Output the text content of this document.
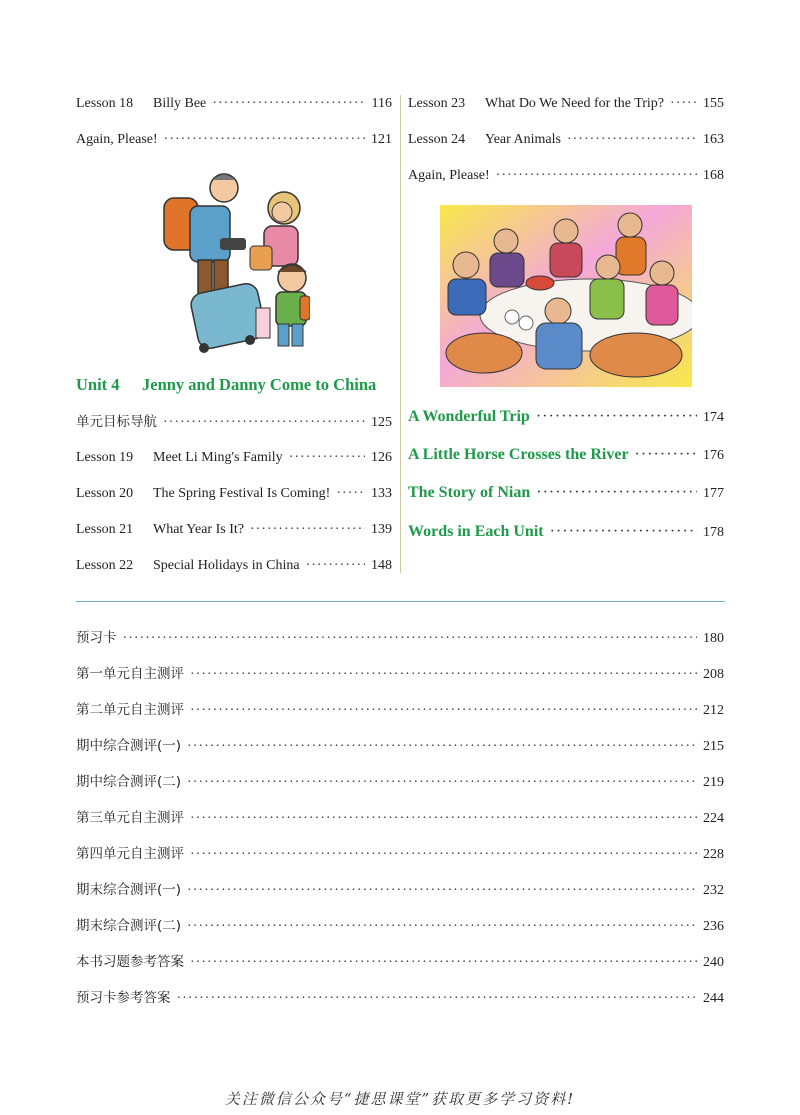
Lesson 18 Billy Bee ·····	116
Again, Please! ·····	121
Unit 4 Jenny and Danny Come to China
单元目标导航 ·····	125
Lesson 19 Meet Li Ming's Family ·····	126
Lesson 20 The Spring Festival Is Coming! ·····	133
Lesson 21 What Year Is It? ·····	139
Lesson 22 Special Holidays in China ·····	148
Lesson 23 What Do We Need for the Trip? ·····	155
Lesson 24 Year Animals ·····	163
Again, Please! ·····	168
A Wonderful Trip ·····	174
A Little Horse Crosses the River ·····	176
The Story of Nian ·····	177
Words in Each Unit ·····	178
预习卡 ·····	180
第一单元自主测评 ·····	208
第二单元自主测评 ·····	212
期中综合测评(一) ·····	215
期中综合测评(二) ·····	219
第三单元自主测评 ·····	224
第四单元自主测评 ·····	228
期末综合测评(一) ·····	232
期末综合测评(二) ·····	236
本书习题参考答案 ·····	240
预习卡参考答案 ·····	244
关注微信公众号“捷思课堂”获取更多学习资料!
